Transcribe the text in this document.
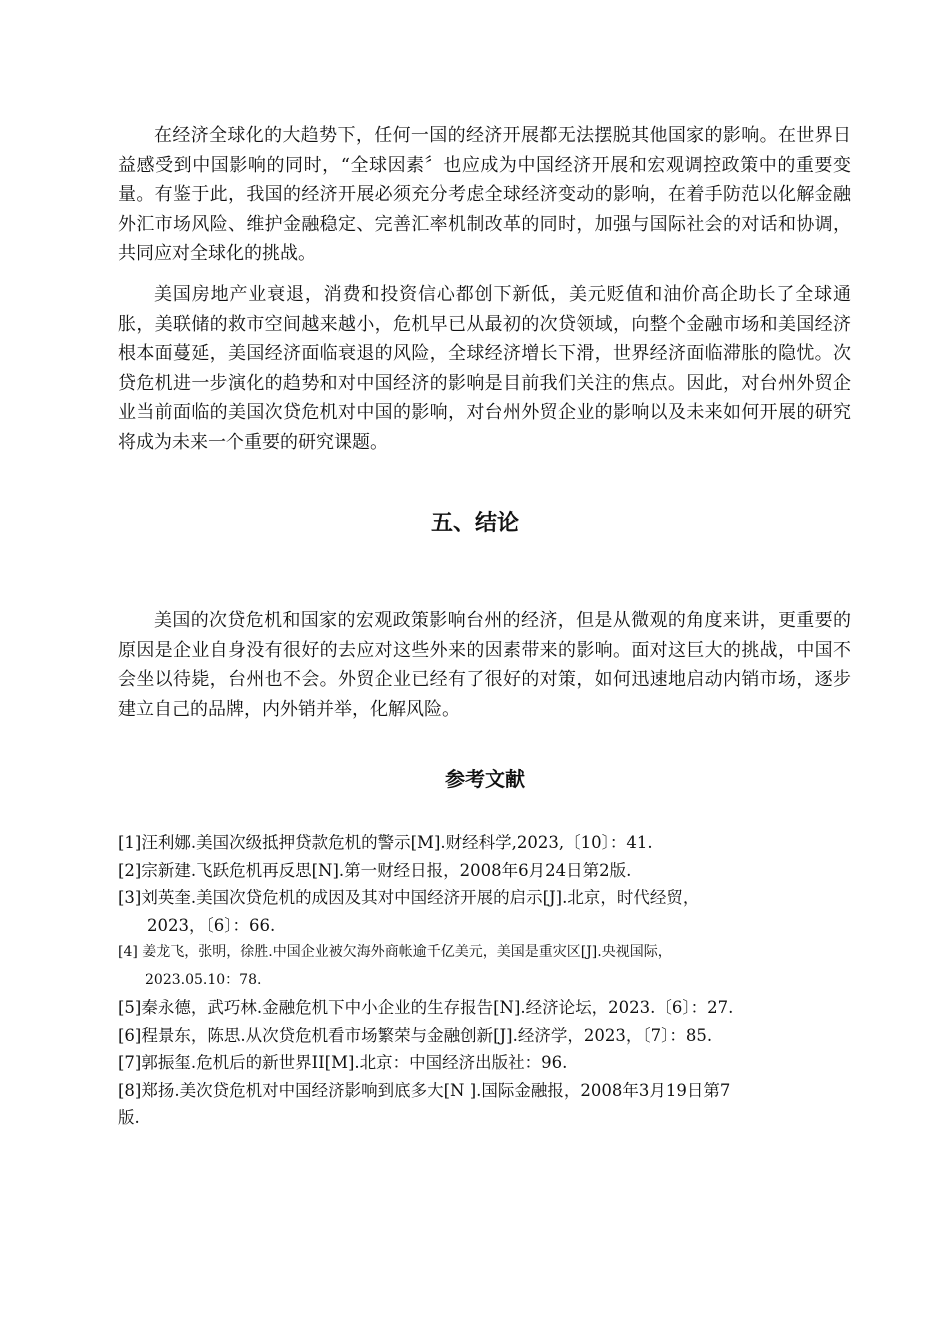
在经济全球化的大趋势下，任何一国的经济开展都无法摆脱其他国家的影响。在世界日益感受到中国影响的同时，“全球因素〞也应成为中国经济开展和宏观调控政策中的重要变量。有鉴于此，我国的经济开展必须充分考虑全球经济变动的影响，在着手防范以化解金融外汇市场风险、维护金融稳定、完善汇率机制改革的同时，加强与国际社会的对话和协调，共同应对全球化的挑战。

美国房地产业衰退，消费和投资信心都创下新低，美元贬值和油价高企助长了全球通胀，美联储的救市空间越来越小，危机早已从最初的次贷领域，向整个金融市场和美国经济根本面蔓延，美国经济面临衰退的风险，全球经济增长下滑，世界经济面临滞胀的隐忧。次贷危机进一步演化的趋势和对中国经济的影响是目前我们关注的焦点。因此，对台州外贸企业当前面临的美国次贷危机对中国的影响，对台州外贸企业的影响以及未来如何开展的研究将成为未来一个重要的研究课题。

五、结论

美国的次贷危机和国家的宏观政策影响台州的经济，但是从微观的角度来讲，更重要的原因是企业自身没有很好的去应对这些外来的因素带来的影响。面对这巨大的挑战，中国不会坐以待毙，台州也不会。外贸企业已经有了很好的对策，如何迅速地启动内销市场，逐步建立自己的品牌，内外销并举，化解风险。

参考文献
[1]汪利娜.美国次级抵押贷款危机的警示[M].财经科学,2023,〔10〕：41.
[2]宗新建.飞跃危机再反思[N].第一财经日报，2008年6月24日第2版.
[3]刘英奎.美国次贷危机的成因及其对中国经济开展的启示[J].北京，时代经贸，
2023，〔6〕：66.
[4] 姜龙飞，张明，徐胜.中国企业被欠海外商帐逾千亿美元，美国是重灾区[J].央视国际，
2023.05.10：78.
[5]秦永德，武巧林.金融危机下中小企业的生存报告[N].经济论坛，2023.〔6〕：27.
[6]程景东，陈思.从次贷危机看市场繁荣与金融创新[J].经济学，2023，〔7〕：85.
[7]郭振玺.危机后的新世界II[M].北京：中国经济出版社：96.
[8]郑扬.美次贷危机对中国经济影响到底多大[N ].国际金融报，2008年3月19日第7
版.
